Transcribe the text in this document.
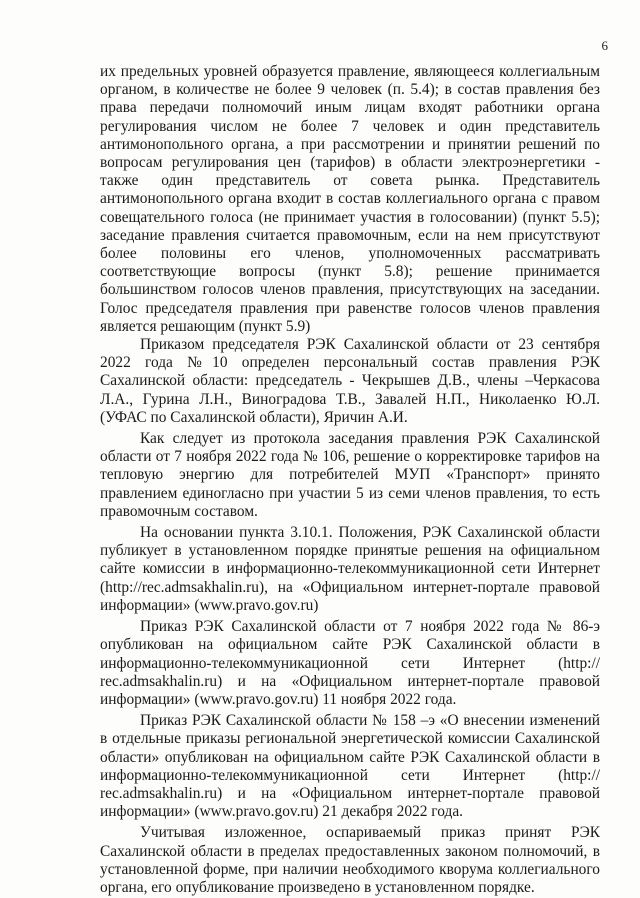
6

их предельных уровней образуется правление, являющееся коллегиальным органом, в количестве не более 9 человек (п. 5.4); в состав правления без права передачи полномочий иным лицам входят работники органа регулирования числом не более 7 человек и один представитель антимонопольного органа, а при рассмотрении и принятии решений по вопросам регулирования цен (тарифов) в области электроэнергетики - также один представитель от совета рынка. Представитель антимонопольного органа входит в состав коллегиального органа с правом совещательного голоса (не принимает участия в голосовании) (пункт 5.5); заседание правления считается правомочным, если на нем присутствуют более половины его членов, уполномоченных рассматривать соответствующие вопросы (пункт 5.8); решение принимается большинством голосов членов правления, присутствующих на заседании. Голос председателя правления при равенстве голосов членов правления является решающим (пункт 5.9)

Приказом председателя РЭК Сахалинской области от 23 сентября 2022 года №10 определен персональный состав правления РЭК Сахалинской области: председатель - Чекрышев Д.В., члены –Черкасова Л.А., Гурина Л.Н., Виноградова Т.В., Завалей Н.П., Николаенко Ю.Л. (УФАС по Сахалинской области), Яричин А.И.

Как следует из протокола заседания правления РЭК Сахалинской области от 7 ноября 2022 года № 106, решение о корректировке тарифов на тепловую энергию для потребителей МУП «Транспорт» принято правлением единогласно при участии 5 из семи членов правления, то есть правомочным составом.

На основании пункта 3.10.1. Положения, РЭК Сахалинской области публикует в установленном порядке принятые решения на официальном сайте комиссии в информационно-телекоммуникационной сети Интернет (http://rec.admsakhalin.ru), на «Официальном интернет-портале правовой информации» (www.pravo.gov.ru)

Приказ РЭК Сахалинской области от 7 ноября 2022 года № 86-э опубликован на официальном сайте РЭК Сахалинской области в информационно-телекоммуникационной сети Интернет (http:// rec.admsakhalin.ru) и на «Официальном интернет-портале правовой информации» (www.pravo.gov.ru) 11 ноября 2022 года.

Приказ РЭК Сахалинской области № 158 –э «О внесении изменений в отдельные приказы региональной энергетической комиссии Сахалинской области» опубликован на официальном сайте РЭК Сахалинской области в информационно-телекоммуникационной сети Интернет (http:// rec.admsakhalin.ru) и на «Официальном интернет-портале правовой информации» (www.pravo.gov.ru) 21 декабря 2022 года.

Учитывая изложенное, оспариваемый приказ принят РЭК Сахалинской области в пределах предоставленных законом полномочий, в установленной форме, при наличии необходимого кворума коллегиального органа, его опубликование произведено в установленном порядке.
